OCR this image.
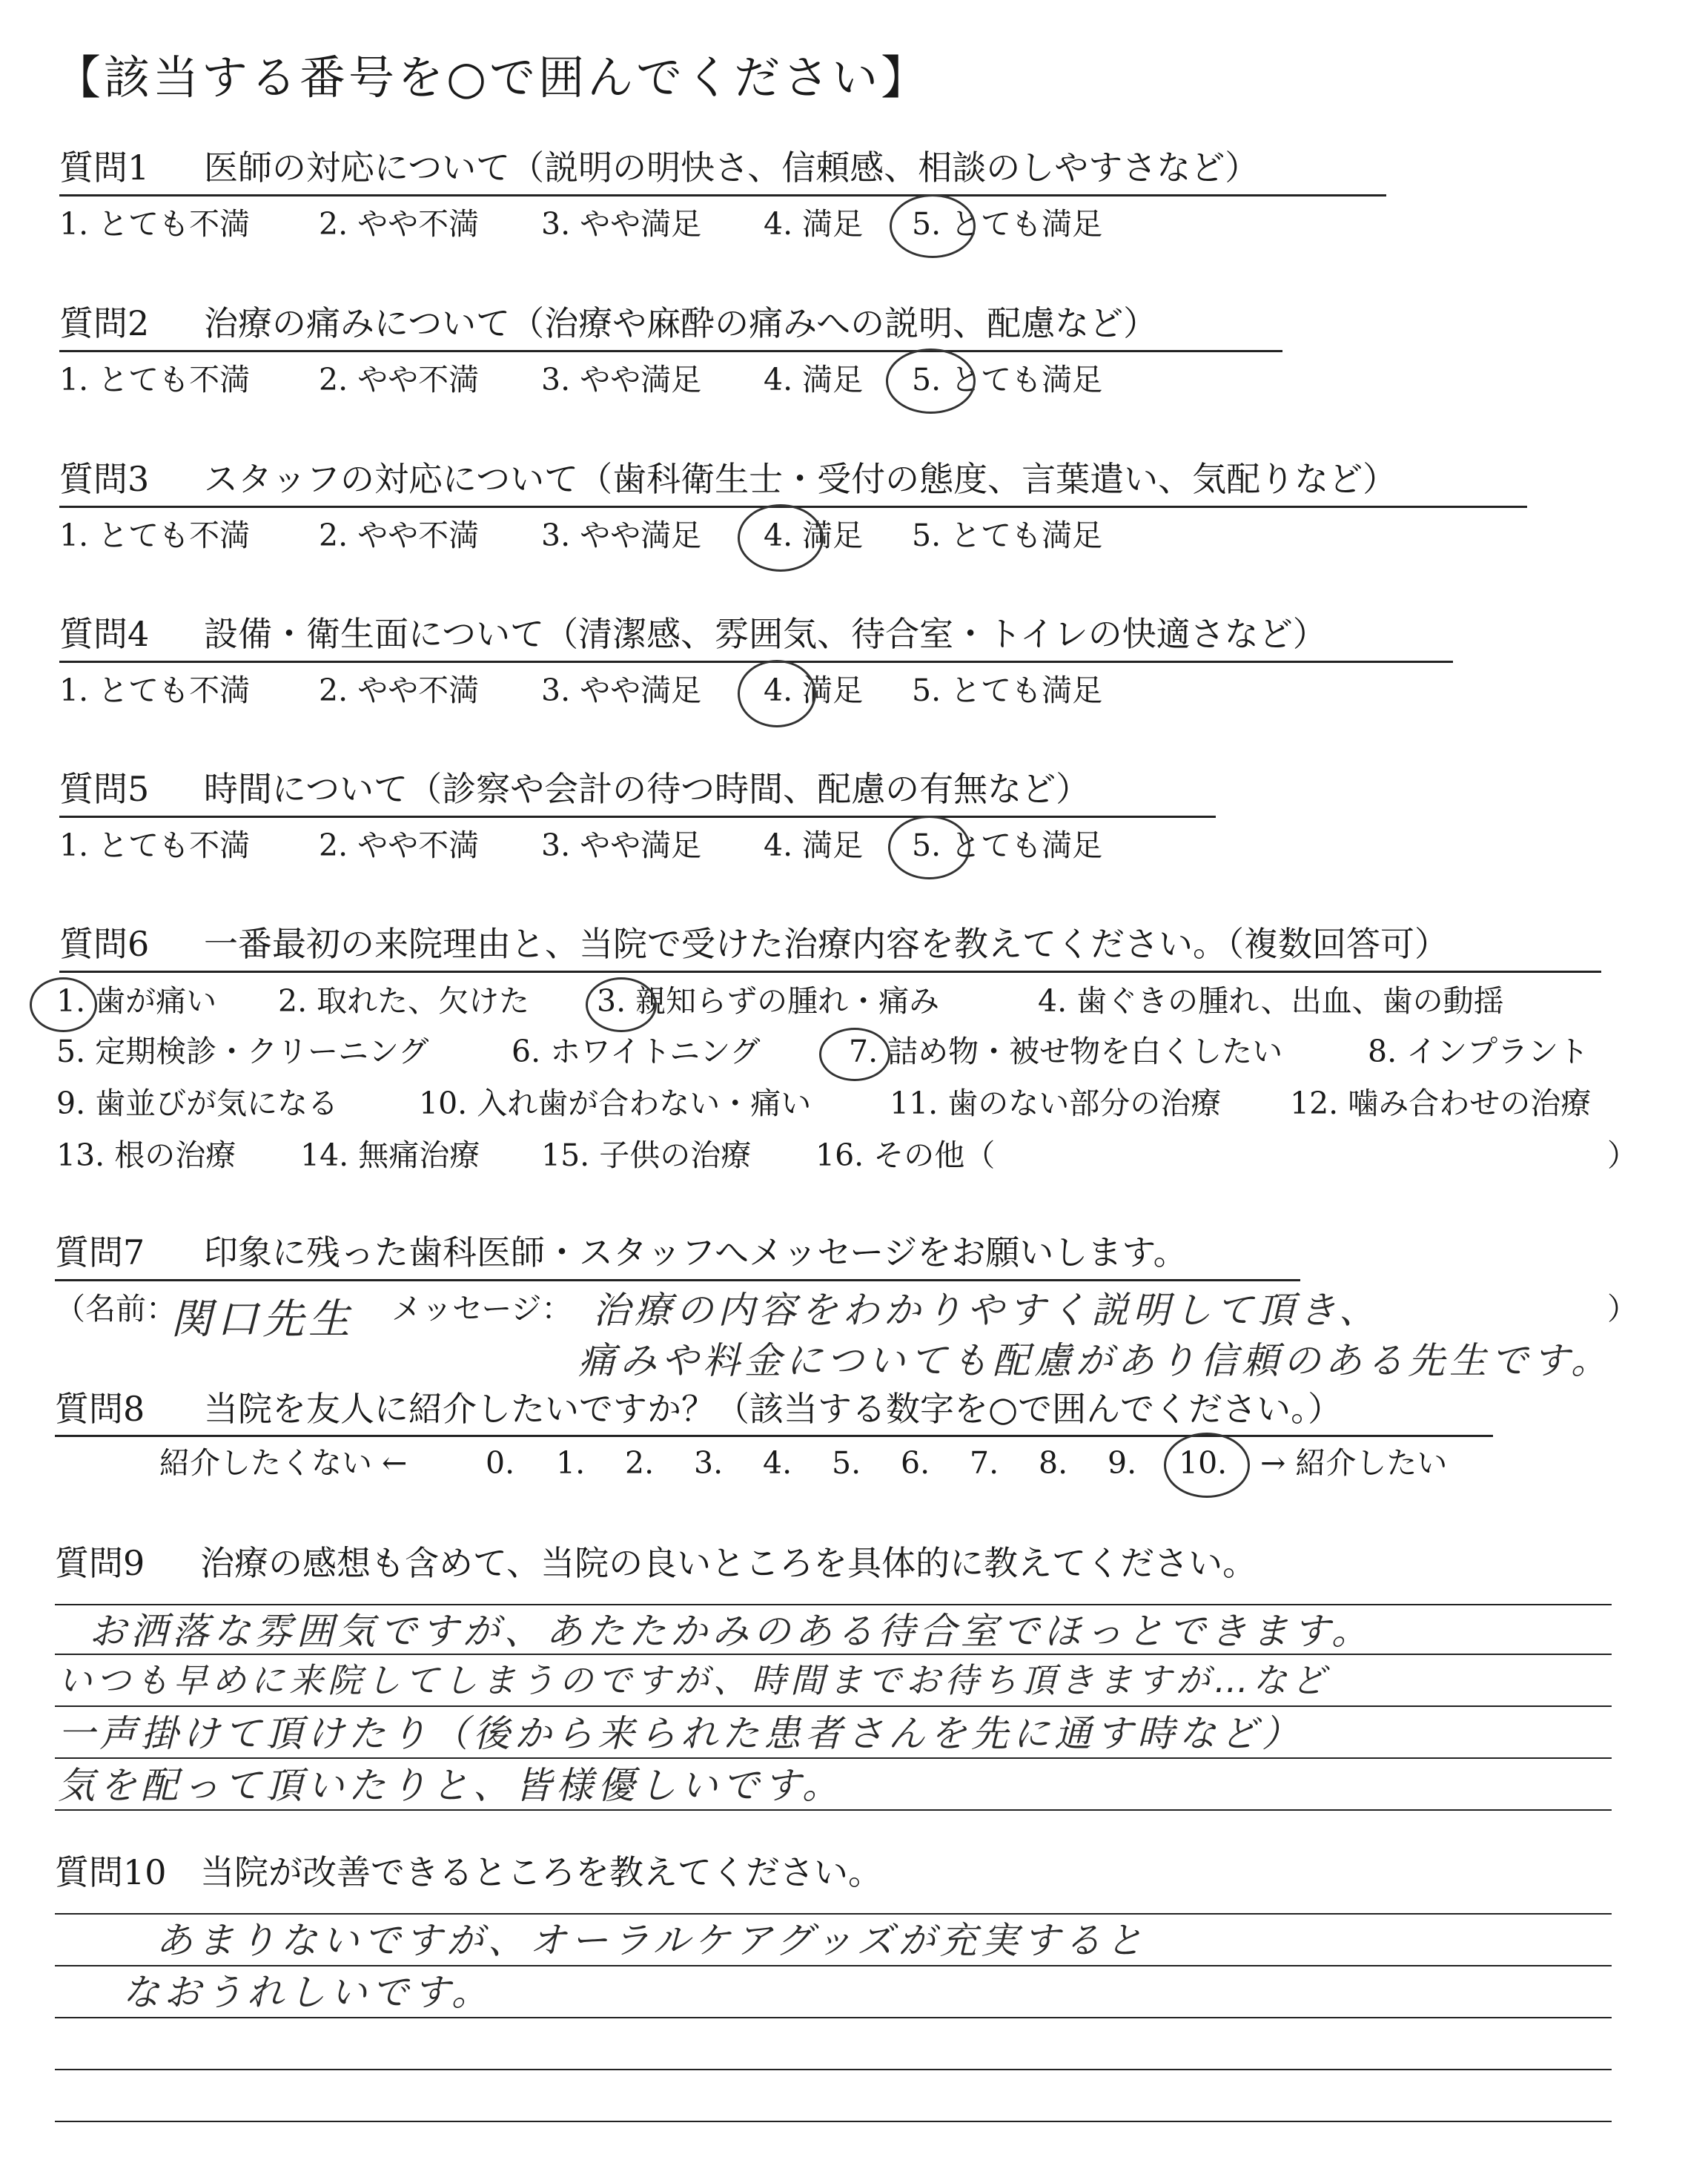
【該当する番号を○で囲んでください】
質問1 医師の対応について（説明の明快さ、信頼感、相談のしやすさなど）
1. とても不満 2. やや不満 3. やや満足 4. 満足 5. とても満足
質問2 治療の痛みについて（治療や麻酔の痛みへの説明、配慮など）
1. とても不満 2. やや不満 3. やや満足 4. 満足 5. とても満足
質問3 スタッフの対応について（歯科衛生士・受付の態度、言葉遣い、気配りなど）
1. とても不満 2. やや不満 3. やや満足 4. 満足 5. とても満足
質問4 設備・衛生面について（清潔感、雰囲気、待合室・トイレの快適さなど）
1. とても不満 2. やや不満 3. やや満足 4. 満足 5. とても満足
質問5 時間について（診察や会計の待つ時間、配慮の有無など）
1. とても不満 2. やや不満 3. やや満足 4. 満足 5. とても満足
質問6 一番最初の来院理由と、当院で受けた治療内容を教えてください。（複数回答可）
1. 歯が痛い 2. 取れた、欠けた 3. 親知らずの腫れ・痛み	4. 歯ぐきの腫れ、出血、歯の動揺
5. 定期検診・クリーニング	6. ホワイトニング	7. 詰め物・被せ物を白くしたい	8. インプラント
9. 歯並びが気になる	10. 入れ歯が合わない・痛い	11. 歯のない部分の治療 12. 噛み合わせの治療
13. 根の治療 14. 無痛治療 15. 子供の治療 16. その他（	）
質問7 印象に残った歯科医師・スタッフへメッセージをお願いします。
（名前：
関口先生 メッセージ： 治療の内容をわかりやすく説明して頂き、
痛みや料金についても配慮があり信頼のある先生です。
）
質問8 当院を友人に紹介したいですか？（該当する数字を○で囲んでください。）
紹介したくない ←	0. 1. 2. 3. 4. 5. 6. 7. 8. 9. 10. → 紹介したい
質問9 治療の感想も含めて、当院の良いところを具体的に教えてください。
お洒落な雰囲気ですが、あたたかみのある待合室でほっとできます。
いつも早めに来院してしまうのですが、時間までお待ち頂きますが…など
一声掛けて頂けたり（後から来られた患者さんを先に通す時など）
気を配って頂いたりと、皆様優しいです。
質問10 当院が改善できるところを教えてください。
あまりないですが、オーラルケアグッズが充実すると
なおうれしいです。
